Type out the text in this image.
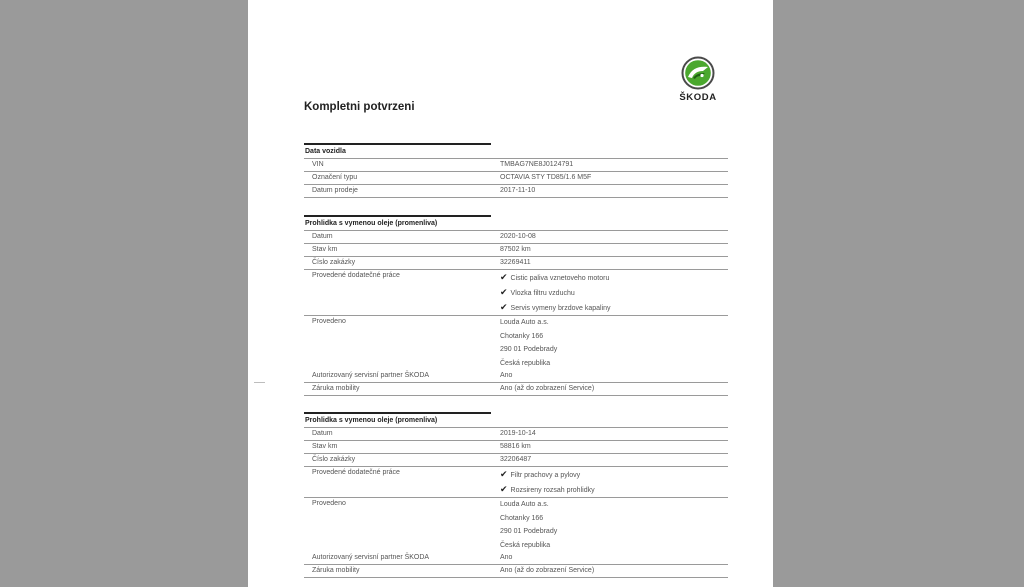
ŠKODA
Kompletni potvrzeni
Data vozidla
VIN	TMBAG7NE8J0124791
Označení typu	OCTAVIA STY TD85/1.6 M5F
Datum prodeje	2017-11-10
Prohlidka s vymenou oleje (promenliva)
Datum	2020-10-08
Stav km	87502 km
Číslo zakázky	32269411
Provedené dodatečné práce	✔ Cistic paliva vznetoveho motoru
✔ Vlozka filtru vzduchu
✔ Servis vymeny brzdove kapaliny
Provedeno	Louda Auto a.s.
Chotanky 166
290 01 Podebrady
Česká republika
Autorizovaný servisní partner ŠKODA	Ano
Záruka mobility	Ano (až do zobrazení Service)
Prohlidka s vymenou oleje (promenliva)
Datum	2019-10-14
Stav km	58816 km
Číslo zakázky	32206487
Provedené dodatečné práce	✔ Filtr prachovy a pylovy
✔ Rozsireny rozsah prohlidky
Provedeno	Louda Auto a.s.
Chotanky 166
290 01 Podebrady
Česká republika
Autorizovaný servisní partner ŠKODA	Ano
Záruka mobility	Ano (až do zobrazení Service)
